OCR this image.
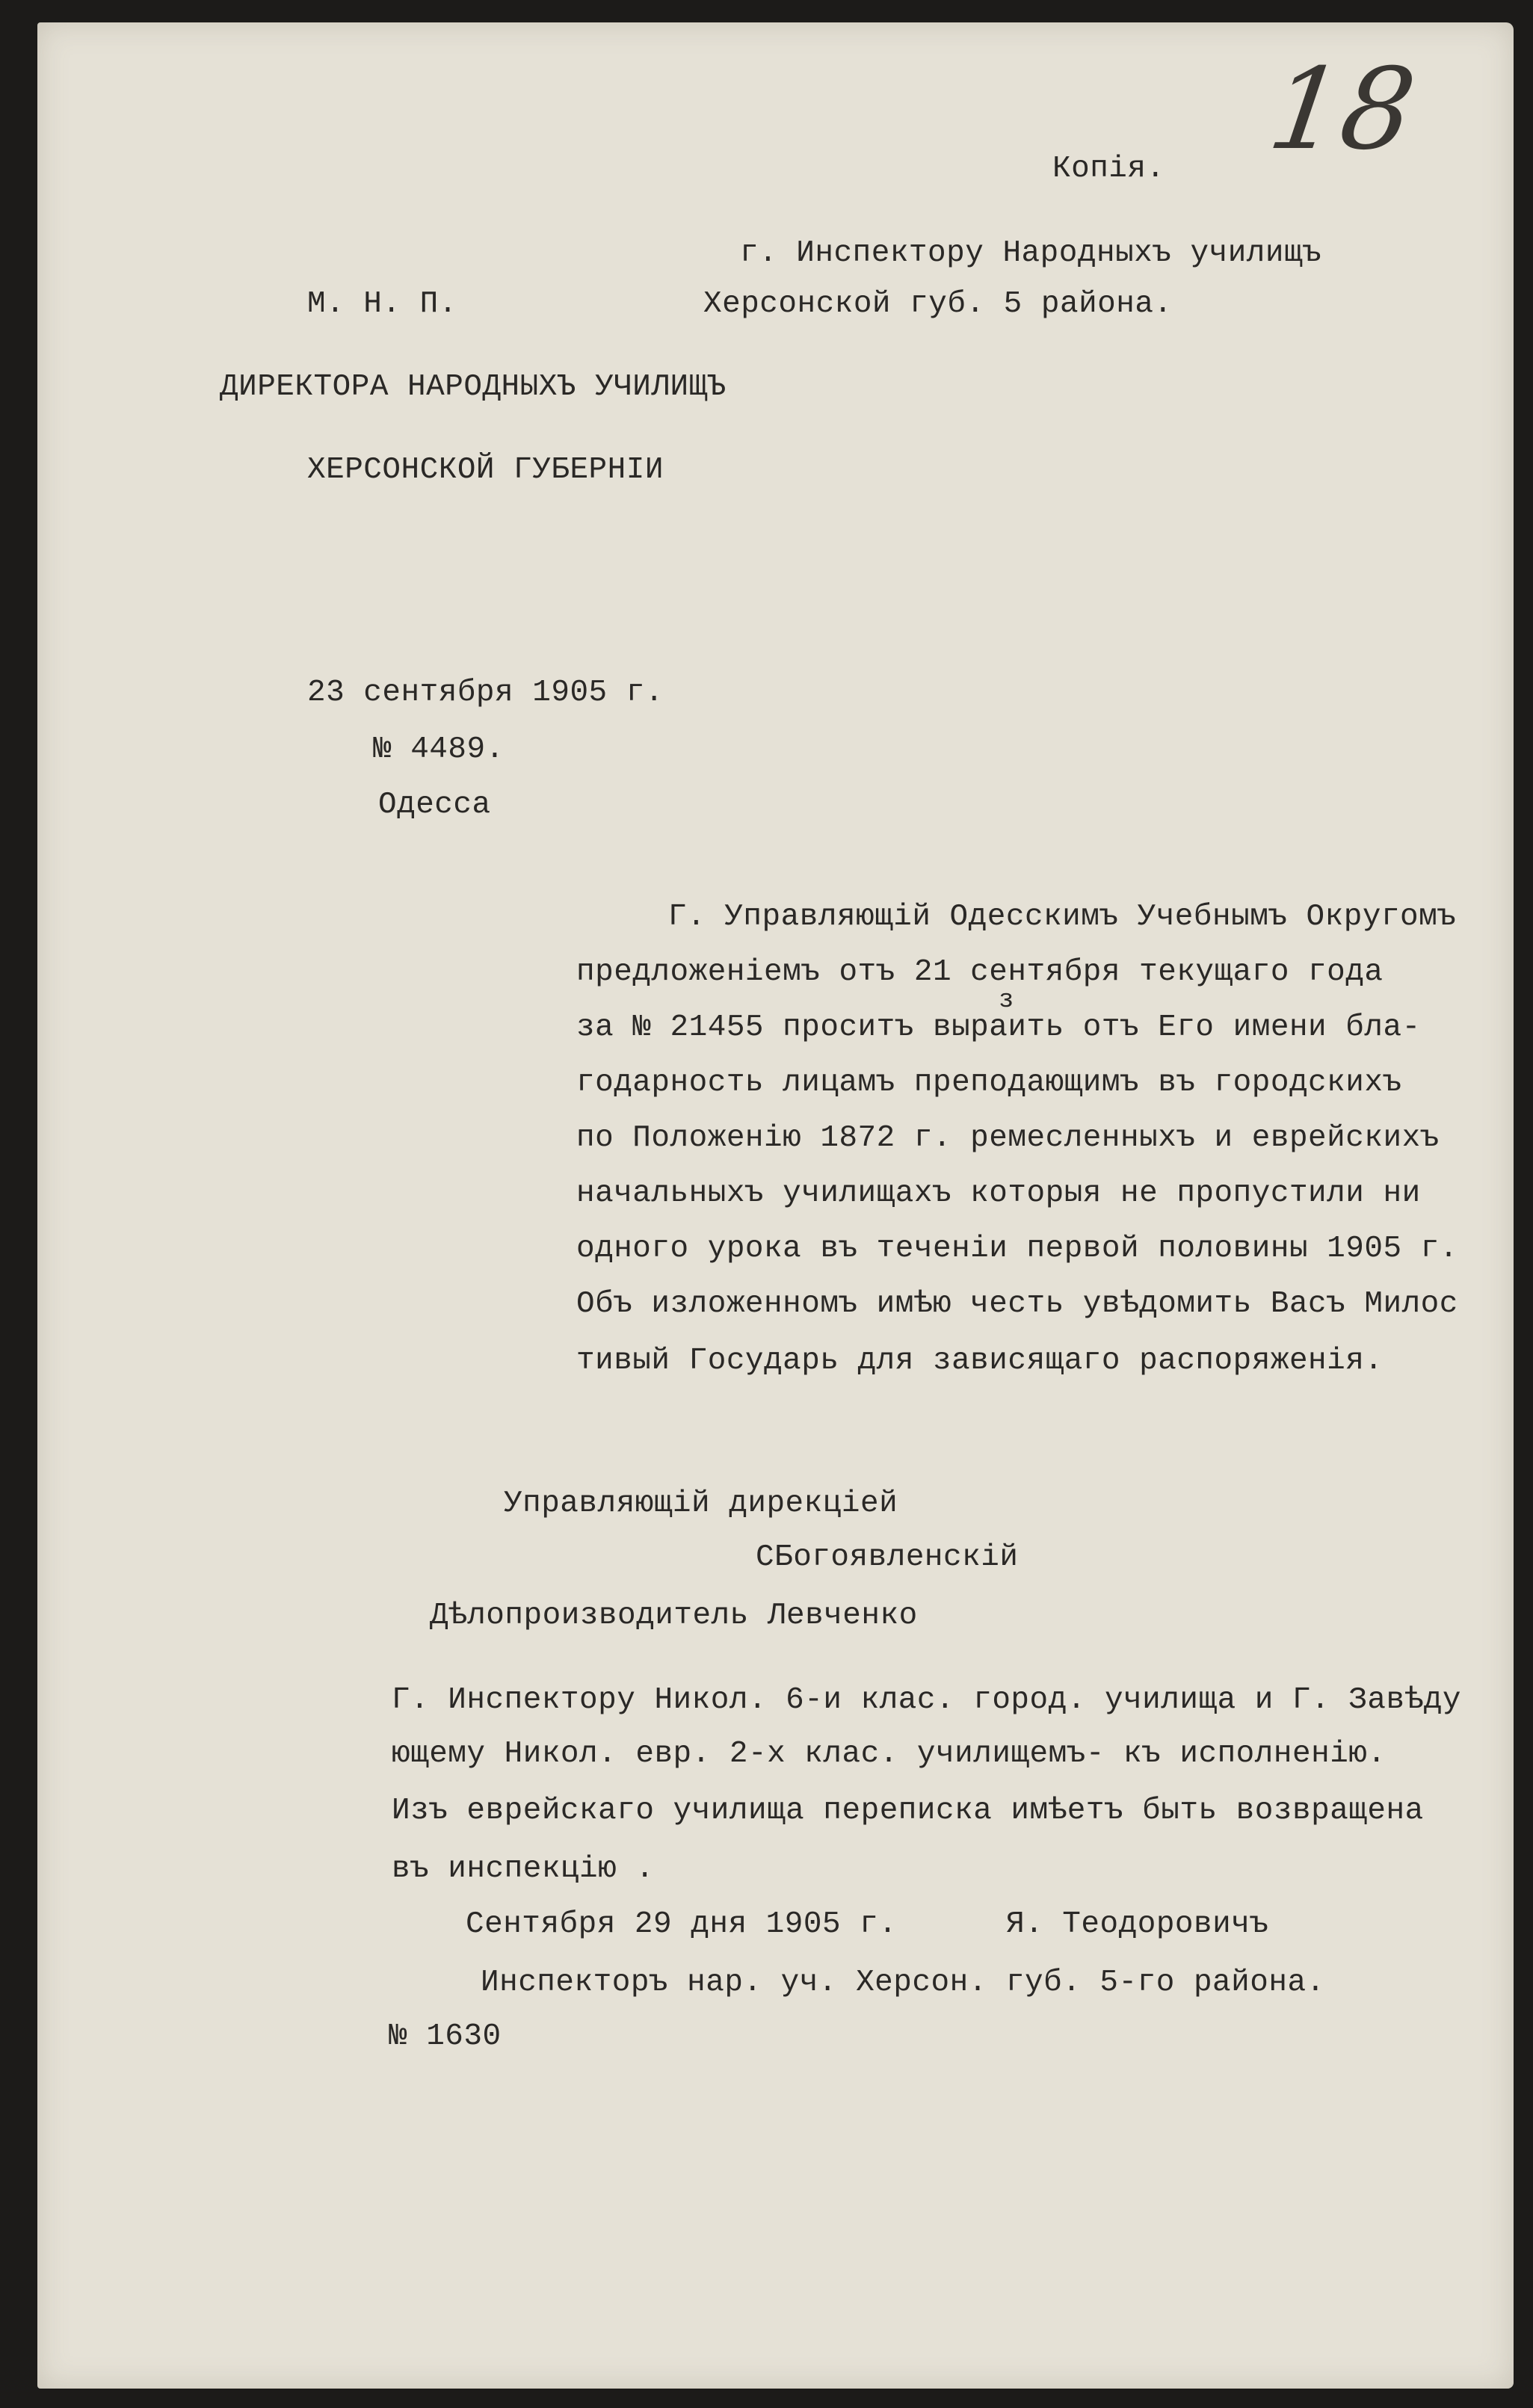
18
Копія.
г. Инспектору Народныхъ училищъ
М. Н. П.	Херсонской губ. 5 района.
ДИРЕКТОРА НАРОДНЫХЪ УЧИЛИЩЪ
ХЕРСОНСКОЙ ГУБЕРНIИ
23 сентября 1905 г.
№ 4489.
Одесса
Г. Управляющій Одесскимъ Учебнымъ Округомъ
предложеніемъ отъ 21 сентября текущаго года
з
за № 21455 проситъ выраить отъ Его имени бла-
годарность лицамъ преподающимъ въ городскихъ
по Положенію 1872 г. ремесленныхъ и еврейскихъ
начальныхъ училищахъ которыя не пропустили ни
одного урока въ теченіи первой половины 1905 г.
Объ изложенномъ имѣю честь увѣдомить Васъ Милос
тивый Государь для зависящаго распоряженія.
Управляющій дирекціей
СБогоявленскій
Дѣлопроизводитель Левченко
Г. Инспектору Никол. 6-и клас. город. училища и Г. Завѣду
ющему Никол. евр. 2-х клас. училищемъ- къ исполненію.
Изъ еврейскаго училища переписка имѣетъ быть возвращена
въ инспекцію .
Сентября 29 дня 1905 г.	Я. Теодоровичъ
Инспекторъ нар. уч. Херсон. губ. 5-го района.
№ 1630
